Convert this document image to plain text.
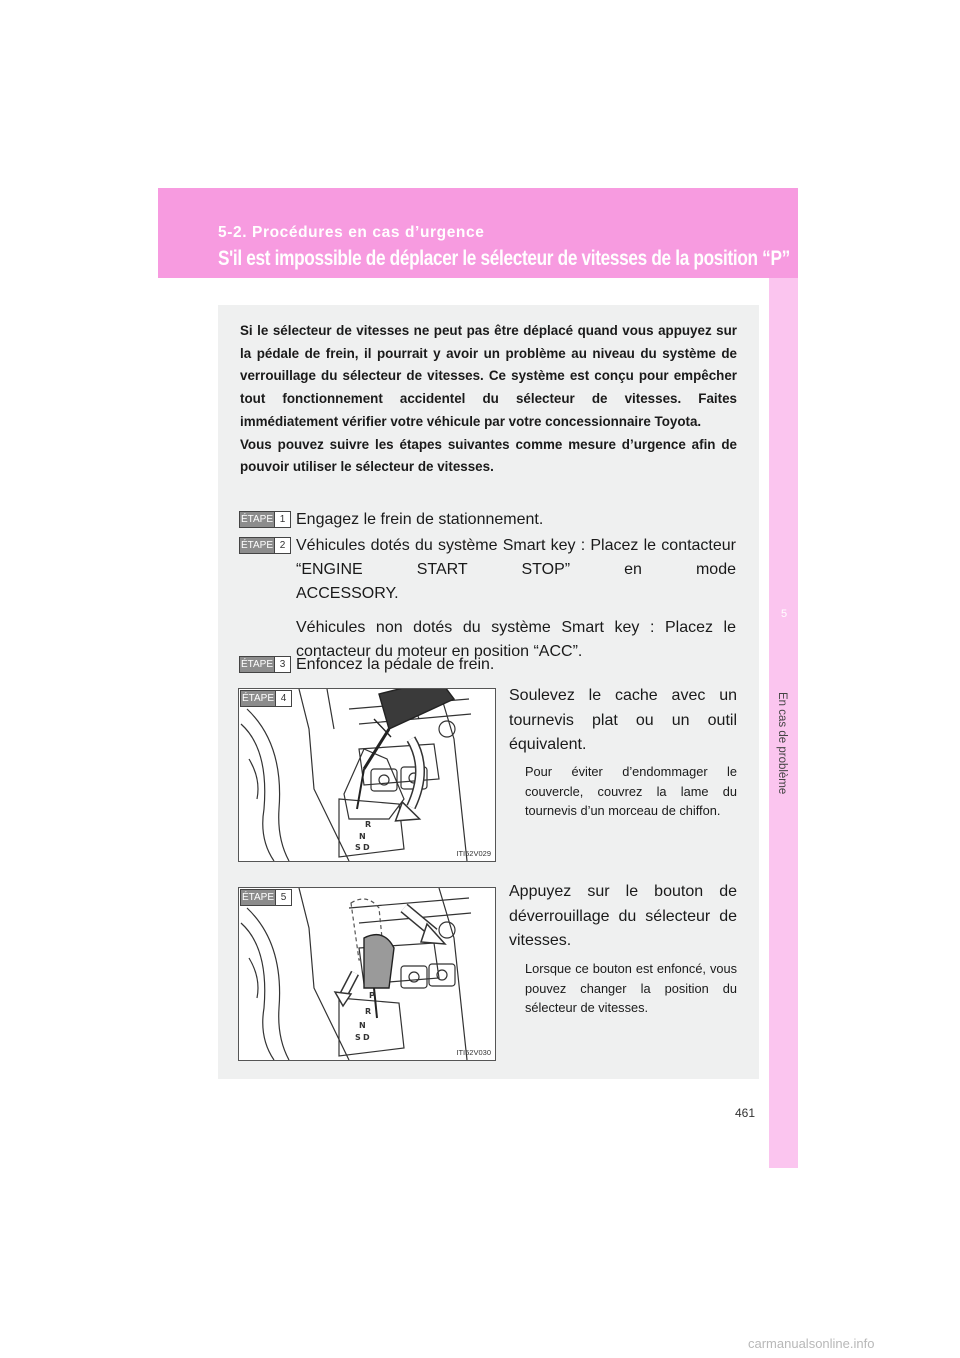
5-2. Procédures en cas d’urgence
S'il est impossible de déplacer le sélecteur de vitesses de la position “P”
5
En cas de problème

Si le sélecteur de vitesses ne peut pas être déplacé quand vous appuyez sur la pédale de frein, il pourrait y avoir un problème au niveau du système de verrouillage du sélecteur de vitesses. Ce système est conçu pour empêcher tout fonctionnement accidentel du sélecteur de vitesses. Faites immédiatement vérifier votre véhicule par votre concessionnaire Toyota.

Vous pouvez suivre les étapes suivantes comme mesure d’urgence afin de pouvoir utiliser le sélecteur de vitesses.

ÉTAPE 1 Engagez le frein de stationnement.

ÉTAPE 2 Véhicules dotés du système Smart key : Placez le contacteur “ENGINE START STOP” en mode

ACCESSORY.

Véhicules non dotés du système Smart key : Placez le contacteur du moteur en position “ACC”.

ÉTAPE 3 Enfoncez la pédale de frein.

R
N
S D
ÉTAPE 4
ITI52V029
Soulevez le cache avec un tournevis plat ou un outil équivalent.
Pour éviter d’endommager le couvercle, couvrez la lame du tournevis d’un morceau de chiffon.
P
R
N
S D
ÉTAPE 5
ITI52V030
Appuyez sur le bouton de déverrouillage du sélecteur de vitesses.
Lorsque ce bouton est enfoncé, vous pouvez changer la position du sélecteur de vitesses.
461
carmanualsonline.info
